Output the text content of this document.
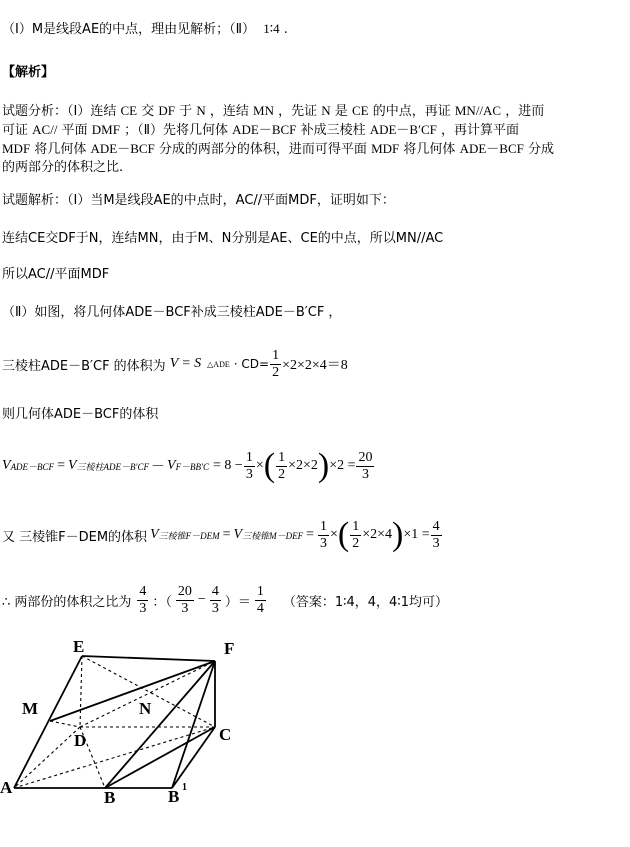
（Ⅰ）M是线段AE的中点，理由见解析；（Ⅱ） 1∶4 .
【解析】
试题分析：（Ⅰ）连结 CE 交 DF 于 N ，连结 MN ，先证 N 是 CE 的中点，再证 MN//AC ，进而
可证 AC// 平面 DMF ；（Ⅱ）先将几何体 ADE－BCF 补成三棱柱 ADE－B′CF ，再计算平面
MDF 将几何体 ADE－BCF 分成的两部分的体积，进而可得平面 MDF 将几何体 ADE－BCF 分成
的两部分的体积之比.
试题解析：（Ⅰ）当M是线段AE的中点时，AC//平面MDF，证明如下：
连结CE交DF于N，连结MN，由于M、N分别是AE、CE的中点，所以MN//AC
所以AC//平面MDF
（Ⅱ）如图，将几何体ADE－BCF补成三棱柱ADE－B′CF ，
三棱柱ADE－B′CF 的体积为 V = S △ADE · $CD= \frac{1}{2} \times 2\times 2\times 4=8$
则几何体ADE－BCF的体积
V ADE－BCF = V 三棱柱ADE－B′CF － V $F-BB'C = 8 - \frac{1}{3}$ × ( $\frac{1}{2} \times 2\times 2$ ) $\times 2 = \frac{20}{3}$
又 三棱锥F－DEM的体积 V 三棱锥F－DEM = V 三棱锥$M-DEF = \frac{1}{3}$ × ( $\frac{1}{2} \times 2\times 4$ ) $\times 1 = \frac{4}{3}$
∴ 两部份的体积之比为 $\frac{4}{3}$ ：（ $\frac{20}{3} - \frac{4}{3}$ ）＝ $\frac{1}{4}$ （答案：1∶4，4，4∶1均可）
E	F
M	N
D	C
A
B	B 1
